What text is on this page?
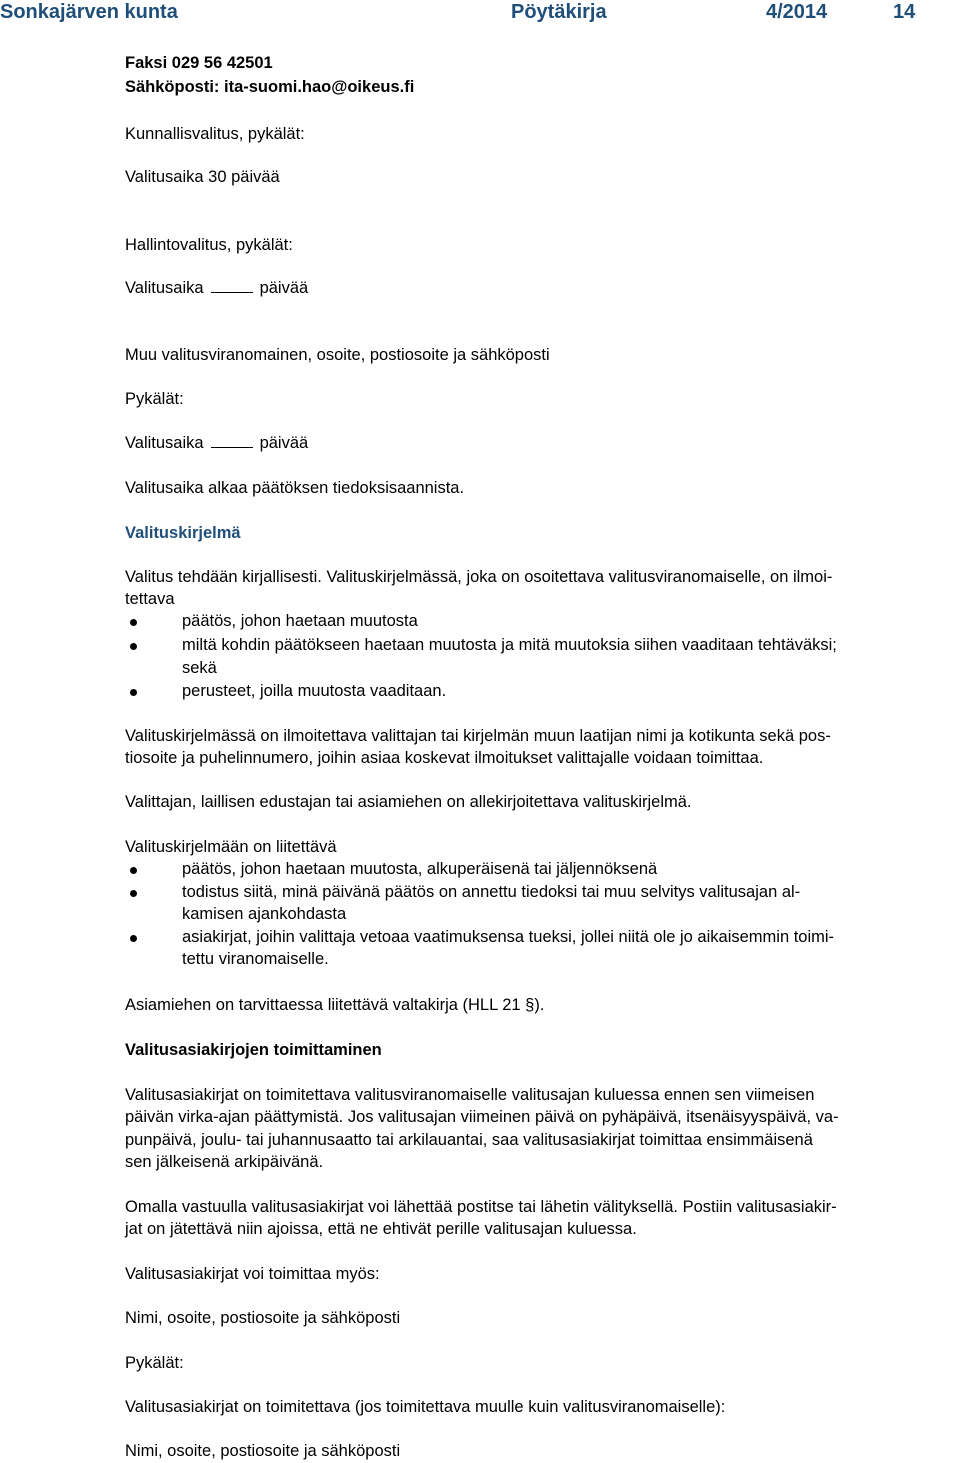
Sonkajärven kunta	Pöytäkirja	4/2014	14
Faksi 029 56 42501
Sähköposti: ita-suomi.hao@oikeus.fi
Kunnallisvalitus, pykälät:
Valitusaika 30 päivää
Hallintovalitus, pykälät:
Valitusaika	päivää
Muu valitusviranomainen, osoite, postiosoite ja sähköposti
Pykälät:
Valitusaika	päivää
Valitusaika alkaa päätöksen tiedoksisaannista.
Valituskirjelmä
Valitus tehdään kirjallisesti. Valituskirjelmässä, joka on osoitettava valitusviranomaiselle, on ilmoi-
tettava
päätös, johon haetaan muutosta
miltä kohdin päätökseen haetaan muutosta ja mitä muutoksia siihen vaaditaan tehtäväksi;
sekä
perusteet, joilla muutosta vaaditaan.
Valituskirjelmässä on ilmoitettava valittajan tai kirjelmän muun laatijan nimi ja kotikunta sekä pos-
tiosoite ja puhelinnumero, joihin asiaa koskevat ilmoitukset valittajalle voidaan toimittaa.
Valittajan, laillisen edustajan tai asiamiehen on allekirjoitettava valituskirjelmä.
Valituskirjelmään on liitettävä
päätös, johon haetaan muutosta, alkuperäisenä tai jäljennöksenä
todistus siitä, minä päivänä päätös on annettu tiedoksi tai muu selvitys valitusajan al-
kamisen ajankohdasta
asiakirjat, joihin valittaja vetoaa vaatimuksensa tueksi, jollei niitä ole jo aikaisemmin toimi-
tettu viranomaiselle.
Asiamiehen on tarvittaessa liitettävä valtakirja (HLL 21 §).
Valitusasiakirjojen toimittaminen
Valitusasiakirjat on toimitettava valitusviranomaiselle valitusajan kuluessa ennen sen viimeisen
päivän virka-ajan päättymistä. Jos valitusajan viimeinen päivä on pyhäpäivä, itsenäisyyspäivä, va-
punpäivä, joulu- tai juhannusaatto tai arkilauantai, saa valitusasiakirjat toimittaa ensimmäisenä
sen jälkeisenä arkipäivänä.
Omalla vastuulla valitusasiakirjat voi lähettää postitse tai lähetin välityksellä. Postiin valitusasiakir-
jat on jätettävä niin ajoissa, että ne ehtivät perille valitusajan kuluessa.
Valitusasiakirjat voi toimittaa myös:
Nimi, osoite, postiosoite ja sähköposti
Pykälät:
Valitusasiakirjat on toimitettava (jos toimitettava muulle kuin valitusviranomaiselle):
Nimi, osoite, postiosoite ja sähköposti
